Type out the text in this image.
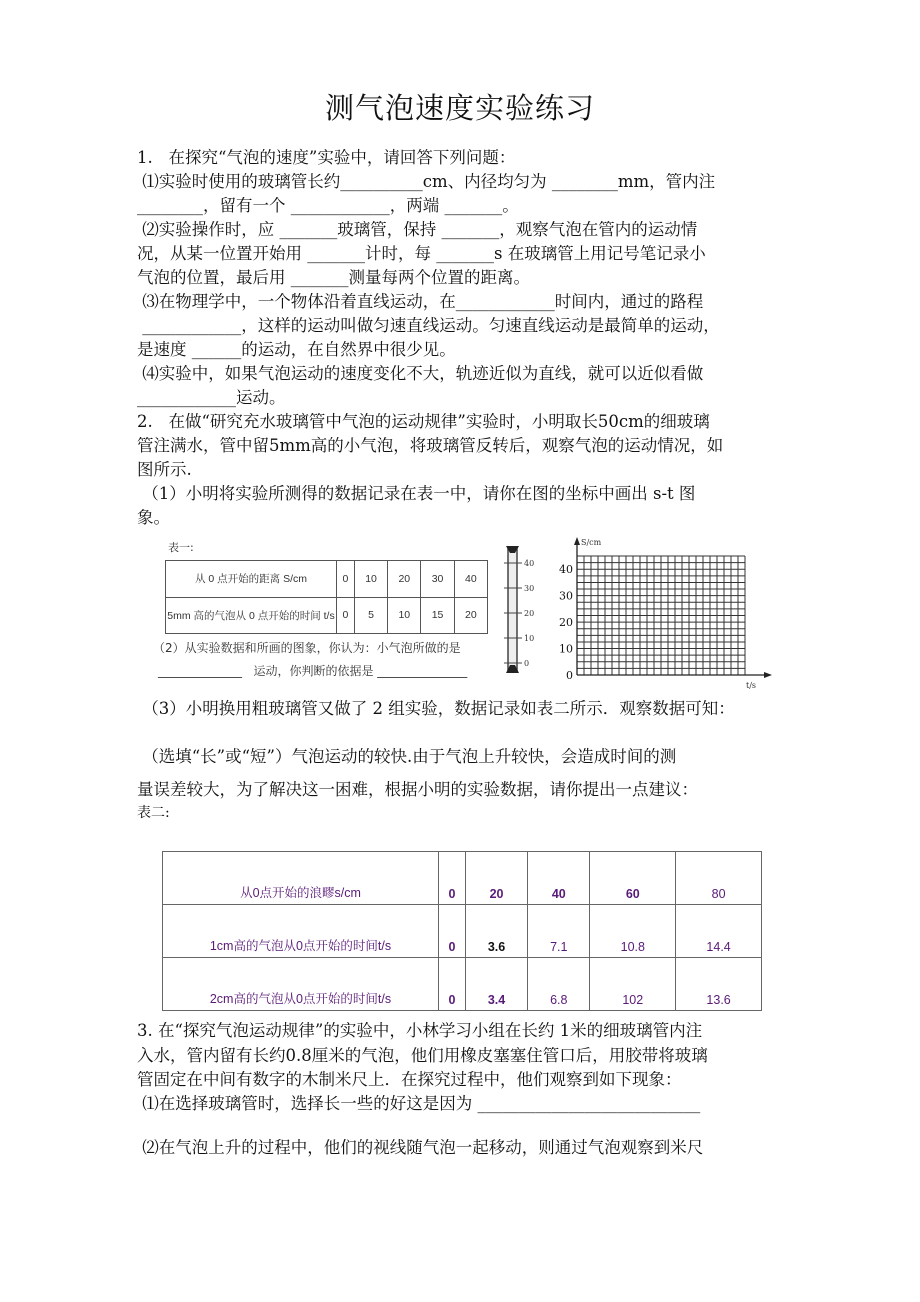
测气泡速度实验练习
1.   在探究“气泡的速度”实验中，请回答下列问题：
⑴实验时使用的玻璃管长约__________cm、内径均匀为 ________mm，管内注
________，留有一个 ____________，两端 _______。
⑵实验操作时，应 _______玻璃管，保持 _______，观察气泡在管内的运动情
况，从某一位置开始用 _______计时，每 _______s 在玻璃管上用记号笔记录小
气泡的位置，最后用 _______测量每两个位置的距离。
⑶在物理学中，一个物体沿着直线运动，在____________时间内，通过的路程
____________，这样的运动叫做匀速直线运动。匀速直线运动是最简单的运动，
是速度 ______的运动，在自然界中很少见。
⑷实验中，如果气泡运动的速度变化不大，轨迹近似为直线，就可以近似看做
____________运动。
2.   在做“研究充水玻璃管中气泡的运动规律”实验时，小明取长50cm的细玻璃
管注满水，管中留5mm高的小气泡，将玻璃管反转后，观察气泡的运动情况，如
图所示.
（1）小明将实验所测得的数据记录在表一中，请你在图的坐标中画出 s-t 图
象。
（3）小明换用粗玻璃管又做了 2 组实验，数据记录如表二所示．观察数据可知：
（选填“长”或“短”）气泡运动的较快.由于气泡上升较快，会造成时间的测
量误差较大，为了解决这一困难，根据小明的实验数据，请你提出一点建议：
表二:
3. 在“探究气泡运动规律”的实验中，小林学习小组在长约 1米的细玻璃管内注
入水，管内留有长约0.8厘米的气泡，他们用橡皮塞塞住管口后，用胶带将玻璃
管固定在中间有数字的木制米尺上．在探究过程中，他们观察到如下现象：
⑴在选择玻璃管时，选择长一些的好这是因为 ___________________________
⑵在气泡上升的过程中，他们的视线随气泡一起移动，则通过气泡观察到米尺
表一:
从 0 点开始的距离 S/cm	0	10	20	30	40
5mm 高的气泡从 0 点开始的时间 t/s	0	5	10	15	20
（2）从实验数据和所画的图象，你认为：小气泡所做的是
______________   运动，你判断的依据是 _______________
40
30
20
10
0
S/cm
t/s
40
30
20
10
0
从0点开始的浪疁s/cm	0	20	40	60	80
1cm高的气泡从0点开始的时间t/s	0	3.6	7.1	10.8	14.4
2cm高的气泡从0点开始的时间t/s	0	3.4	6.8	102	13.6
